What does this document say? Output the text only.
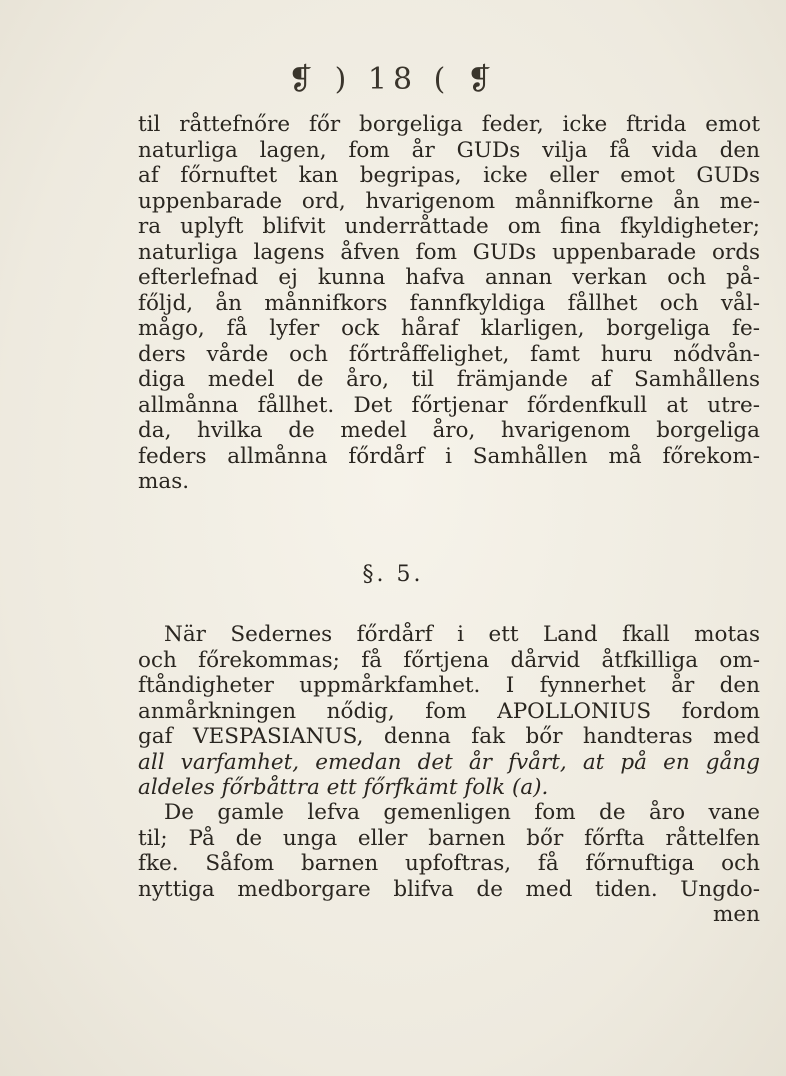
❡ ) 18 ( ❡
til råttefnőre főr borgeliga feder, icke ftrida emot
naturliga lagen, fom år GUDs vilja få vida den
af főrnuftet kan begripas, icke eller emot GUDs
uppenbarade ord, hvarigenom månnifkorne ån me-
ra uplyft blifvit underråttade om fina fkyldigheter;
naturliga lagens åfven fom GUDs uppenbarade ords
efterlefnad ej kunna hafva annan verkan och på-
főljd, ån månnifkors fannfkyldiga fållhet och vål-
mågo, få lyfer ock håraf klarligen, borgeliga fe-
ders vårde och főrtråffelighet, famt huru nődvån-
diga medel de åro, til främjande af Samhållens
allmånna fållhet. Det főrtjenar főrdenfkull at utre-
da, hvilka de medel åro, hvarigenom borgeliga
feders allmånna főrdårf i Samhållen må főrekom-
mas.
§. 5.
När Sedernes főrdårf i ett Land fkall motas
och főrekommas; få főrtjena dårvid åtfkilliga om-
ftåndigheter uppmårkfamhet. I fynnerhet år den
anmårkningen nődig, fom APOLLONIUS fordom
gaf VESPASIANUS, denna fak bőr handteras med
all varfamhet, emedan det år fvårt, at på en gång
aldeles főrbåttra ett főrfkämt folk (a).
De gamle lefva gemenligen fom de åro vane
til; På de unga eller barnen bőr főrfta råttelfen
fke. Såfom barnen upfoftras, få főrnuftiga och
nyttiga medborgare blifva de med tiden. Ungdo-
men
